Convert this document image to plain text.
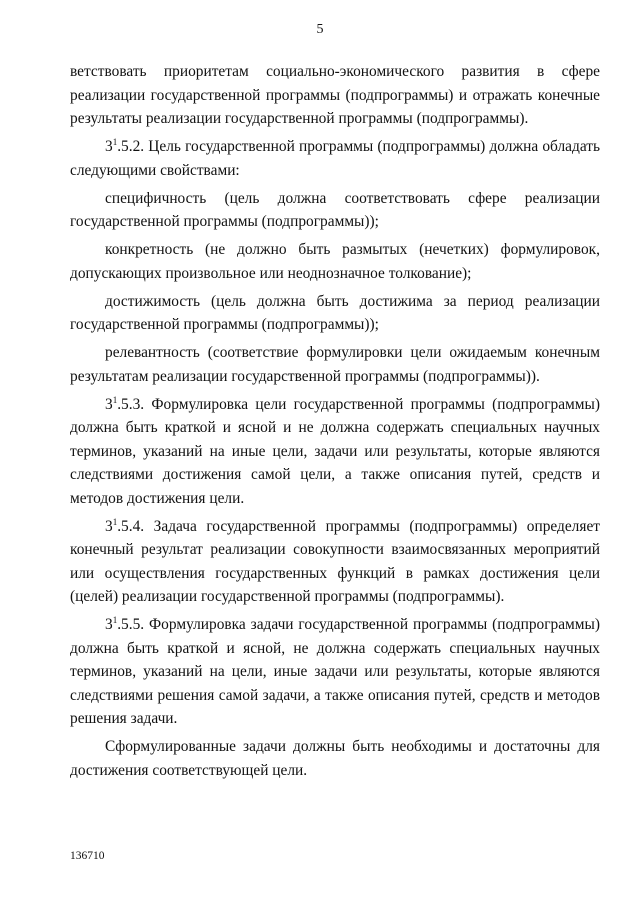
5

ветствовать приоритетам социально-экономического развития в сфере реализации государственной программы (подпрограммы) и отражать конечные результаты реализации государственной программы (подпрограммы).

$3^1.5.2$. Цель государственной программы (подпрограммы) должна обладать следующими свойствами:

специфичность (цель должна соответствовать сфере реализации государственной программы (подпрограммы));

конкретность (не должно быть размытых (нечетких) формулировок, допускающих произвольное или неоднозначное толкование);

достижимость (цель должна быть достижима за период реализации государственной программы (подпрограммы));

релевантность (соответствие формулировки цели ожидаемым конечным результатам реализации государственной программы (подпрограммы)).

$3^1.5.3$. Формулировка цели государственной программы (подпрограммы) должна быть краткой и ясной и не должна содержать специальных научных терминов, указаний на иные цели, задачи или результаты, которые являются следствиями достижения самой цели, а также описания путей, средств и методов достижения цели.

$3^1.5.4$. Задача государственной программы (подпрограммы) определяет конечный результат реализации совокупности взаимосвязанных мероприятий или осуществления государственных функций в рамках достижения цели (целей) реализации государственной программы (подпрограммы).

$3^1.5.5$. Формулировка задачи государственной программы (подпрограммы) должна быть краткой и ясной, не должна содержать специальных научных терминов, указаний на цели, иные задачи или результаты, которые являются следствиями решения самой задачи, а также описания путей, средств и методов решения задачи.

Сформулированные задачи должны быть необходимы и достаточны для достижения соответствующей цели.

136710
